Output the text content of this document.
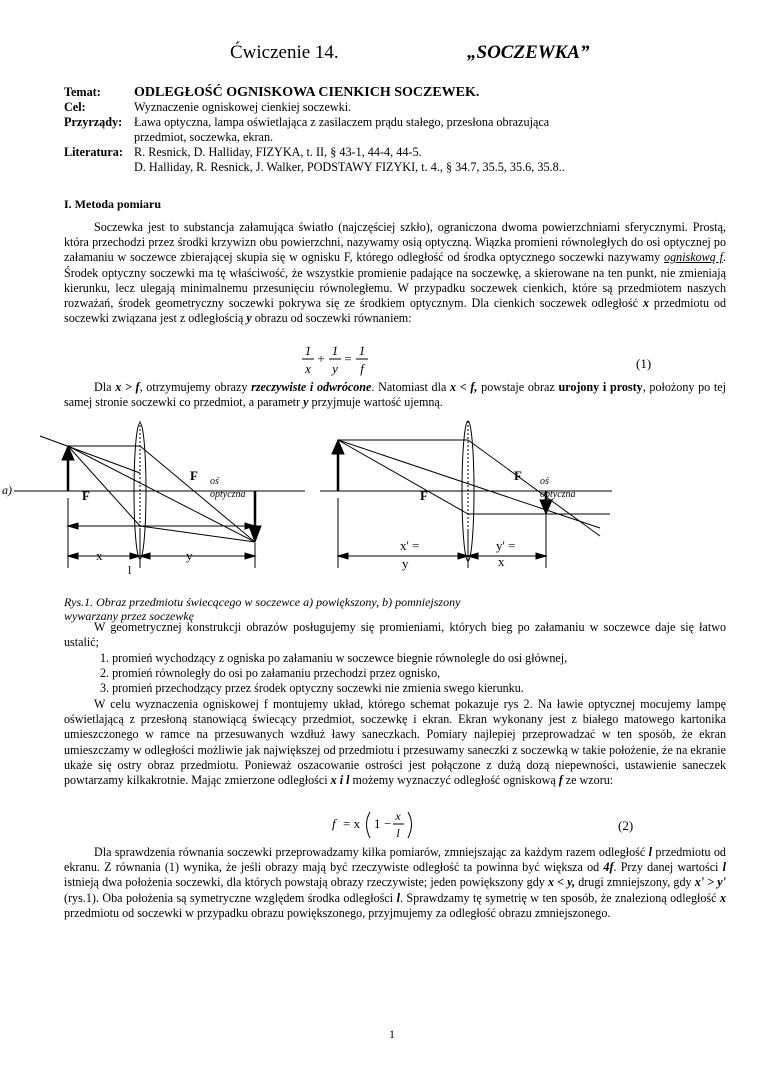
Ćwiczenie 14.	„SOCZEWKA”
Temat:	ODLEGŁOŚĆ OGNISKOWA CIENKICH SOCZEWEK.
Cel:	Wyznaczenie ogniskowej cienkiej soczewki.
Przyrządy: Ława optyczna, lampa oświetlająca z zasilaczem prądu stałego, przesłona obrazująca
przedmiot, soczewka, ekran.
Literatura: R. Resnick, D. Halliday, FIZYKA, t. II, § 43-1, 44-4, 44-5.
D. Halliday, R. Resnick, J. Walker, PODSTAWY FIZYKI, t. 4., § 34.7, 35.5, 35.6, 35.8..
I. Metoda pomiaru

Soczewka jest to substancja załamująca światło (najczęściej szkło), ograniczona dwoma powierzchniami sferycznymi. Prostą, która przechodzi przez środki krzywizn obu powierzchni, nazywamy osią optyczną. Wiązka promieni równoległych do osi optycznej po załamaniu w soczewce zbierającej skupia się w ognisku F, którego odległość od środka optycznego soczewki nazywamy ogniskową f. Środek optyczny soczewki ma tę właściwość, że wszystkie promienie padające na soczewkę, a skierowane na ten punkt, nie zmieniają kierunku, lecz ulegają minimalnemu przesunięciu równoległemu. W przypadku soczewek cienkich, które są przedmiotem naszych rozważań, środek geometryczny soczewki pokrywa się ze środkiem optycznym. Dla cienkich soczewek odległość x przedmiotu od soczewki związana jest z odległością y obrazu od soczewki równaniem:

1
x
+
1
y
=
1
f	(1)

Dla x > f, otrzymujemy obrazy rzeczywiste i odwrócone. Natomiast dla x < f, powstaje obraz urojony i prosty, położony po tej samej stronie soczewki co przedmiot, a parametr y przyjmuje wartość ujemną.

a)	F
F oś
optyczna
x	y
l
F
F oś
optyczna
x' =
y
y' =
x
Rys.1. Obraz przedmiotu świecącego w soczewce a) powiększony, b) pomniejszony
wywarzany przez soczewkę

W geometrycznej konstrukcji obrazów posługujemy się promieniami, których bieg po załamaniu w soczewce daje się łatwo ustalić;

1. promień wychodzący z ogniska po załamaniu w soczewce biegnie równolegle do osi głównej,
2. promień równoległy do osi po załamaniu przechodzi przez ognisko,
3. promień przechodzący przez środek optyczny soczewki nie zmienia swego kierunku.

W celu wyznaczenia ogniskowej f montujemy układ, którego schemat pokazuje rys 2. Na ławie optycznej mocujemy lampę oświetlającą z przesłoną stanowiącą świecący przedmiot, soczewkę i ekran. Ekran wykonany jest z białego matowego kartonika umieszczonego w ramce na przesuwanych wzdłuż ławy saneczkach. Pomiary najlepiej przeprowadzać w ten sposób, że ekran umieszczamy w odległości możliwie jak największej od przedmiotu i przesuwamy saneczki z soczewką w takie położenie, że na ekranie ukaże się ostry obraz przedmiotu. Ponieważ oszacowanie ostrości jest połączone z dużą dozą niepewności, ustawienie saneczek powtarzamy kilkakrotnie. Mając zmierzone odległości x i l możemy wyznaczyć odległość ogniskową f ze wzoru:

f = x 1 − x
l	(2)

Dla sprawdzenia równania soczewki przeprowadzamy kilka pomiarów, zmniejszając za każdym razem odległość l przedmiotu od ekranu. Z równania (1) wynika, że jeśli obrazy mają być rzeczywiste odległość ta powinna być większa od 4f. Przy danej wartości l istnieją dwa położenia soczewki, dla których powstają obrazy rzeczywiste; jeden powiększony gdy x < y, drugi zmniejszony, gdy x' > y' (rys.1). Oba położenia są symetryczne względem środka odległości l. Sprawdzamy tę symetrię w ten sposób, że znalezioną odległość x przedmiotu od soczewki w przypadku obrazu powiększonego, przyjmujemy za odległość obrazu zmniejszonego.

1
